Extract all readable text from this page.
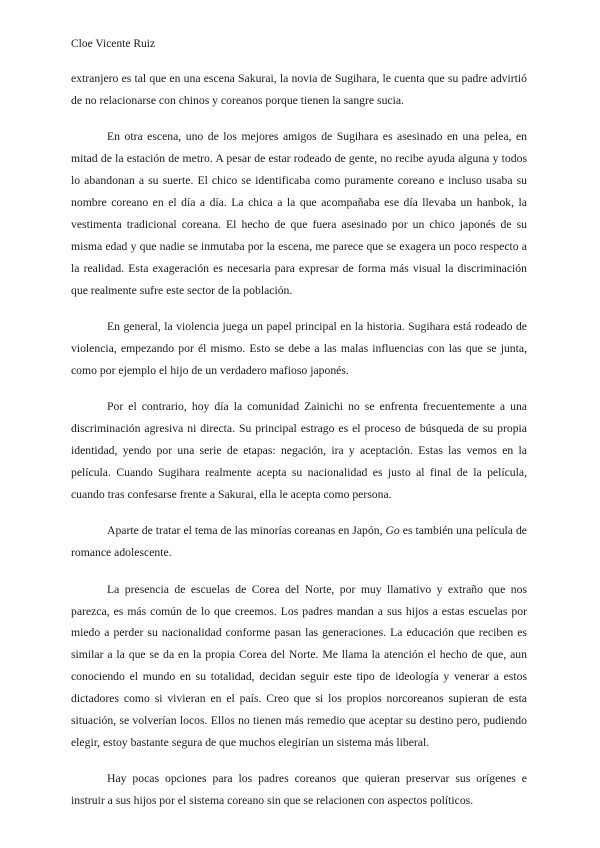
Cloe Vicente Ruiz

extranjero es tal que en una escena Sakurai, la novia de Sugihara, le cuenta que su padre advirtió de no relacionarse con chinos y coreanos porque tienen la sangre sucia.

En otra escena, uno de los mejores amigos de Sugihara es asesinado en una pelea, en mitad de la estación de metro. A pesar de estar rodeado de gente, no recibe ayuda alguna y todos lo abandonan a su suerte. El chico se identificaba como puramente coreano e incluso usaba su nombre coreano en el día a día. La chica a la que acompañaba ese día llevaba un hanbok, la vestimenta tradicional coreana. El hecho de que fuera asesinado por un chico japonés de su misma edad y que nadie se inmutaba por la escena, me parece que se exagera un poco respecto a la realidad. Esta exageración es necesaria para expresar de forma más visual la discriminación que realmente sufre este sector de la población.

En general, la violencia juega un papel principal en la historia. Sugihara está rodeado de violencia, empezando por él mismo. Esto se debe a las malas influencias con las que se junta, como por ejemplo el hijo de un verdadero mafioso japonés.

Por el contrario, hoy día la comunidad Zainichi no se enfrenta frecuentemente a una discriminación agresiva ni directa. Su principal estrago es el proceso de búsqueda de su propia identidad, yendo por una serie de etapas: negación, ira y aceptación. Estas las vemos en la película. Cuando Sugihara realmente acepta su nacionalidad es justo al final de la película, cuando tras confesarse frente a Sakurai, ella le acepta como persona.

Aparte de tratar el tema de las minorías coreanas en Japón, Go es también una película de romance adolescente.

La presencia de escuelas de Corea del Norte, por muy llamativo y extraño que nos parezca, es más común de lo que creemos. Los padres mandan a sus hijos a estas escuelas por miedo a perder su nacionalidad conforme pasan las generaciones. La educación que reciben es similar a la que se da en la propia Corea del Norte. Me llama la atención el hecho de que, aun conociendo el mundo en su totalidad, decidan seguir este tipo de ideología y venerar a estos dictadores como si vivieran en el país. Creo que si los propios norcoreanos supieran de esta situación, se volverían locos. Ellos no tienen más remedio que aceptar su destino pero, pudiendo elegir, estoy bastante segura de que muchos elegirían un sistema más liberal.

Hay pocas opciones para los padres coreanos que quieran preservar sus orígenes e instruir a sus hijos por el sistema coreano sin que se relacionen con aspectos políticos.
